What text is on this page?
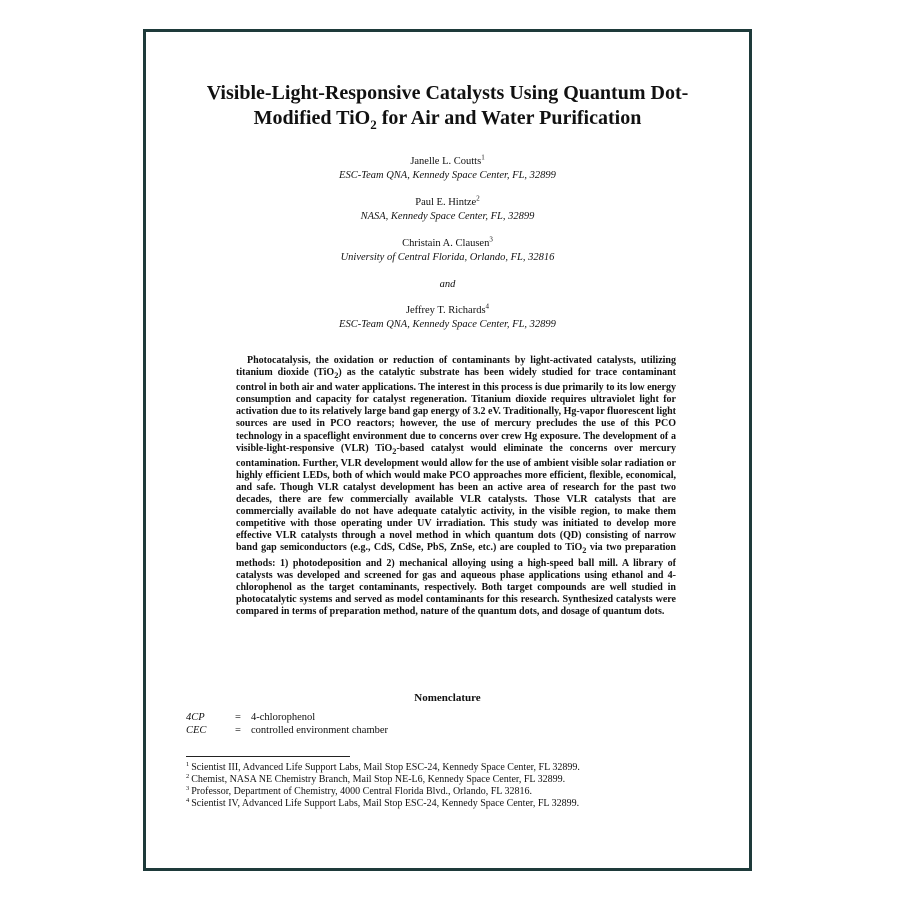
Visible-Light-Responsive Catalysts Using Quantum Dot-
Modified TiO$_2$ for Air and Water Purification
Janelle L. Coutts$^1$
ESC-Team QNA, Kennedy Space Center, FL, 32899
Paul E. Hintze$^2$
NASA, Kennedy Space Center, FL, 32899
Christain A. Clausen$^3$
University of Central Florida, Orlando, FL, 32816
and
Jeffrey T. Richards$^4$
ESC-Team QNA, Kennedy Space Center, FL, 32899

Photocatalysis, the oxidation or reduction of contaminants by light-activated catalysts, utilizing titanium dioxide (TiO$_2$) as the catalytic substrate has been widely studied for trace contaminant control in both air and water applications. The interest in this process is due primarily to its low energy consumption and capacity for catalyst regeneration. Titanium dioxide requires ultraviolet light for activation due to its relatively large band gap energy of 3.2 eV. Traditionally, Hg-vapor fluorescent light sources are used in PCO reactors; however, the use of mercury precludes the use of this PCO technology in a spaceflight environment due to concerns over crew Hg exposure. The development of a visible-light-responsive (VLR) TiO$_2$-based catalyst would eliminate the concerns over mercury contamination. Further, VLR development would allow for the use of ambient visible solar radiation or highly efficient LEDs, both of which would make PCO approaches more efficient, flexible, economical, and safe. Though VLR catalyst development has been an active area of research for the past two decades, there are few commercially available VLR catalysts. Those VLR catalysts that are commercially available do not have adequate catalytic activity, in the visible region, to make them competitive with those operating under UV irradiation. This study was initiated to develop more effective VLR catalysts through a novel method in which quantum dots (QD) consisting of narrow band gap semiconductors (e.g., CdS, CdSe, PbS, ZnSe, etc.) are coupled to TiO$_2$ via two preparation methods: 1) photodeposition and 2) mechanical alloying using a high-speed ball mill. A library of catalysts was developed and screened for gas and aqueous phase applications using ethanol and 4-chlorophenol as the target contaminants, respectively. Both target compounds are well studied in photocatalytic systems and served as model contaminants for this research. Synthesized catalysts were compared in terms of preparation method, nature of the quantum dots, and dosage of quantum dots.

Nomenclature
4CP	= 4-chlorophenol
CEC	= controlled environment chamber
$^1$ Scientist III, Advanced Life Support Labs, Mail Stop ESC-24, Kennedy Space Center, FL 32899.
$^2$ Chemist, NASA NE Chemistry Branch, Mail Stop NE-L6, Kennedy Space Center, FL 32899.
$^3$ Professor, Department of Chemistry, 4000 Central Florida Blvd., Orlando, FL 32816.
$^4$ Scientist IV, Advanced Life Support Labs, Mail Stop ESC-24, Kennedy Space Center, FL 32899.
